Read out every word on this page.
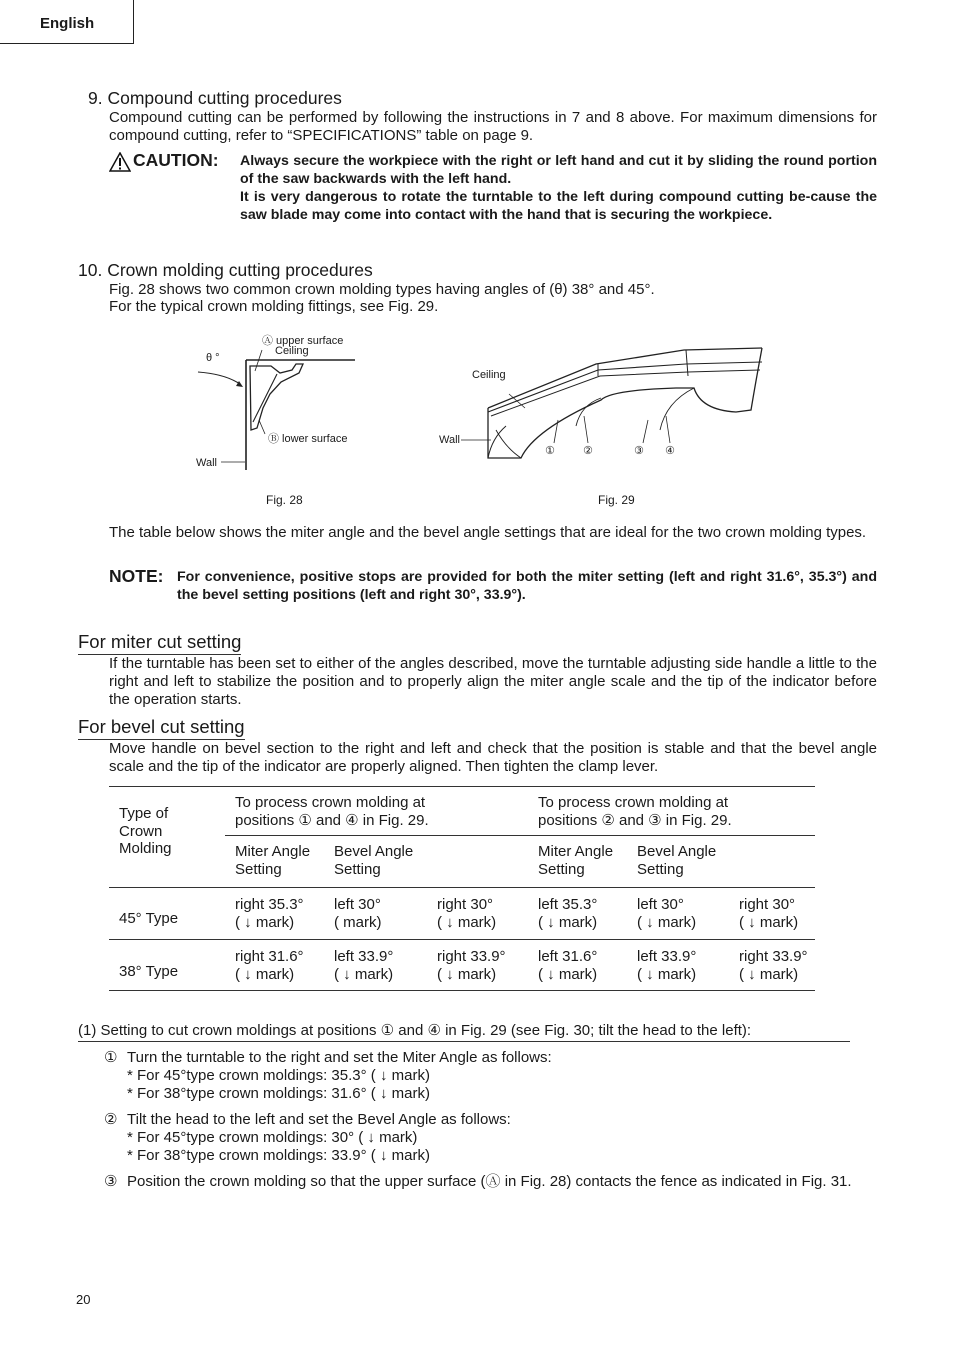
English
9. Compound cutting procedures
Compound cutting can be performed by following the instructions in 7 and 8 above. For maximum dimensions for compound cutting, refer to “SPECIFICATIONS” table on page 9.
CAUTION: Always secure the workpiece with the right or left hand and cut it by sliding the round portion of the saw backwards with the left hand.
It is very dangerous to rotate the turntable to the left during compound cutting be-cause the saw blade may come into contact with the hand that is securing the workpiece.
10. Crown molding cutting procedures
Fig. 28 shows two common crown molding types having angles of (θ) 38° and 45°.
For the typical crown molding fittings, see Fig. 29.
Ⓐ upper surface
Ceiling
θ °
Ⓑ lower surface
Wall
Fig. 28
Ceiling
Wall
①	②	③ ④
Fig. 29
The table below shows the miter angle and the bevel angle settings that are ideal for the two crown molding types.
NOTE: For convenience, positive stops are provided for both the miter setting (left and right 31.6°, 35.3°) and the bevel setting positions (left and right 30°, 33.9°).
For miter cut setting
If the turntable has been set to either of the angles described, move the turntable adjusting side handle a little to the right and left to stabilize the position and to properly align the miter angle scale and the tip of the indicator before the operation starts.
For bevel cut setting
Move handle on bevel section to the right and left and check that the position is stable and that the bevel angle scale and the tip of the indicator are properly aligned. Then tighten the clamp lever.
Type of Crown Molding
To process crown molding at
positions ① and ④ in Fig. 29.
To process crown molding at
positions ② and ③ in Fig. 29.
Miter Angle Setting
Bevel Angle Setting
Miter Angle Setting
Bevel Angle Setting
45° Type
right 35.3°
( ↓ mark)
left 30°
( mark)
right 30°
( ↓ mark)
left 35.3°
( ↓ mark)
left 30°
( ↓ mark)
right 30°
( ↓ mark)
38° Type
right 31.6°
( ↓ mark)
left 33.9°
( ↓ mark)
right 33.9°
( ↓ mark)
left 31.6°
( ↓ mark)
left 33.9°
( ↓ mark)
right 33.9°
( ↓ mark)
(1) Setting to cut crown moldings at positions ① and ④ in Fig. 29 (see Fig. 30; tilt the head to the left):
① Turn the turntable to the right and set the Miter Angle as follows:
* For 45°type crown moldings: 35.3° ( ↓ mark)
* For 38°type crown moldings: 31.6° ( ↓ mark)
② Tilt the head to the left and set the Bevel Angle as follows:
* For 45°type crown moldings: 30° ( ↓ mark)
* For 38°type crown moldings: 33.9° ( ↓ mark)
③ Position the crown molding so that the upper surface (Ⓐ in Fig. 28) contacts the fence as indicated in Fig. 31.
20
